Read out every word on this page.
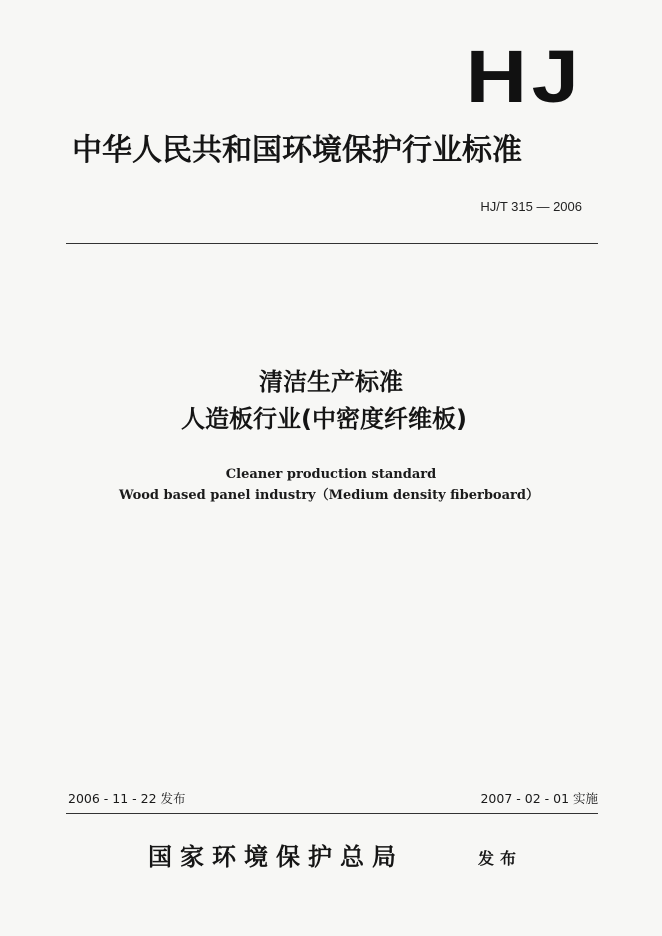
HJ
中华人民共和国环境保护行业标准
HJ/T 315 — 2006
清洁生产标准
人造板行业(中密度纤维板)
Cleaner production standard
Wood based panel industry（Medium density fiberboard）
2006 - 11 - 22 发布	2007 - 02 - 01 实施
国家环境保护总局	发布
